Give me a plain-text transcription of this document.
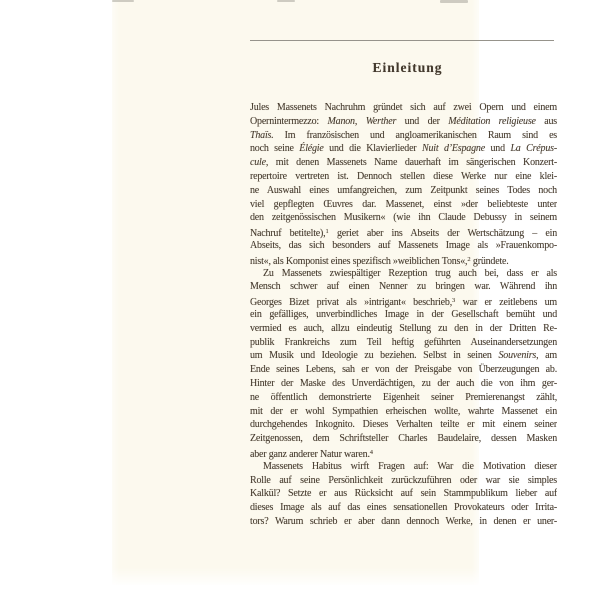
Einleitung
Jules Massenets Nachruhm gründet sich auf zwei Opern und einem
Opernintermezzo: Manon, Werther und der Méditation religieuse aus
Thaïs. Im französischen und angloamerikanischen Raum sind es
noch seine Élégie und die Klavierlieder Nuit d’Espagne und La Crépus-
cule, mit denen Massenets Name dauerhaft im sängerischen Konzert-
repertoire vertreten ist. Dennoch stellen diese Werke nur eine klei-
ne Auswahl eines umfangreichen, zum Zeitpunkt seines Todes noch
viel gepflegten Œuvres dar. Massenet, einst »der beliebteste unter
den zeitgenössischen Musikern« (wie ihn Claude Debussy in seinem
Nachruf betitelte),$^1$ geriet aber ins Abseits der Wertschätzung – ein
Abseits, das sich besonders auf Massenets Image als »Frauenkompo-
nist«, als Komponist eines spezifisch »weiblichen Tons«,$^2$ gründete.
Zu Massenets zwiespältiger Rezeption trug auch bei, dass er als
Mensch schwer auf einen Nenner zu bringen war. Während ihn
Georges Bizet privat als »intrigant« beschrieb,$^3$ war er zeitlebens um
ein gefälliges, unverbindliches Image in der Gesellschaft bemüht und
vermied es auch, allzu eindeutig Stellung zu den in der Dritten Re-
publik Frankreichs zum Teil heftig geführten Auseinandersetzungen
um Musik und Ideologie zu beziehen. Selbst in seinen Souvenirs, am
Ende seines Lebens, sah er von der Preisgabe von Überzeugungen ab.
Hinter der Maske des Unverdächtigen, zu der auch die von ihm ger-
ne öffentlich demonstrierte Eigenheit seiner Premierenangst zählt,
mit der er wohl Sympathien erheischen wollte, wahrte Massenet ein
durchgehendes Inkognito. Dieses Verhalten teilte er mit einem seiner
Zeitgenossen, dem Schriftsteller Charles Baudelaire, dessen Masken
aber ganz anderer Natur waren.$^4$
Massenets Habitus wirft Fragen auf: War die Motivation dieser
Rolle auf seine Persönlichkeit zurückzuführen oder war sie simples
Kalkül? Setzte er aus Rücksicht auf sein Stammpublikum lieber auf
dieses Image als auf das eines sensationellen Provokateurs oder Irrita-
tors? Warum schrieb er aber dann dennoch Werke, in denen er uner-
